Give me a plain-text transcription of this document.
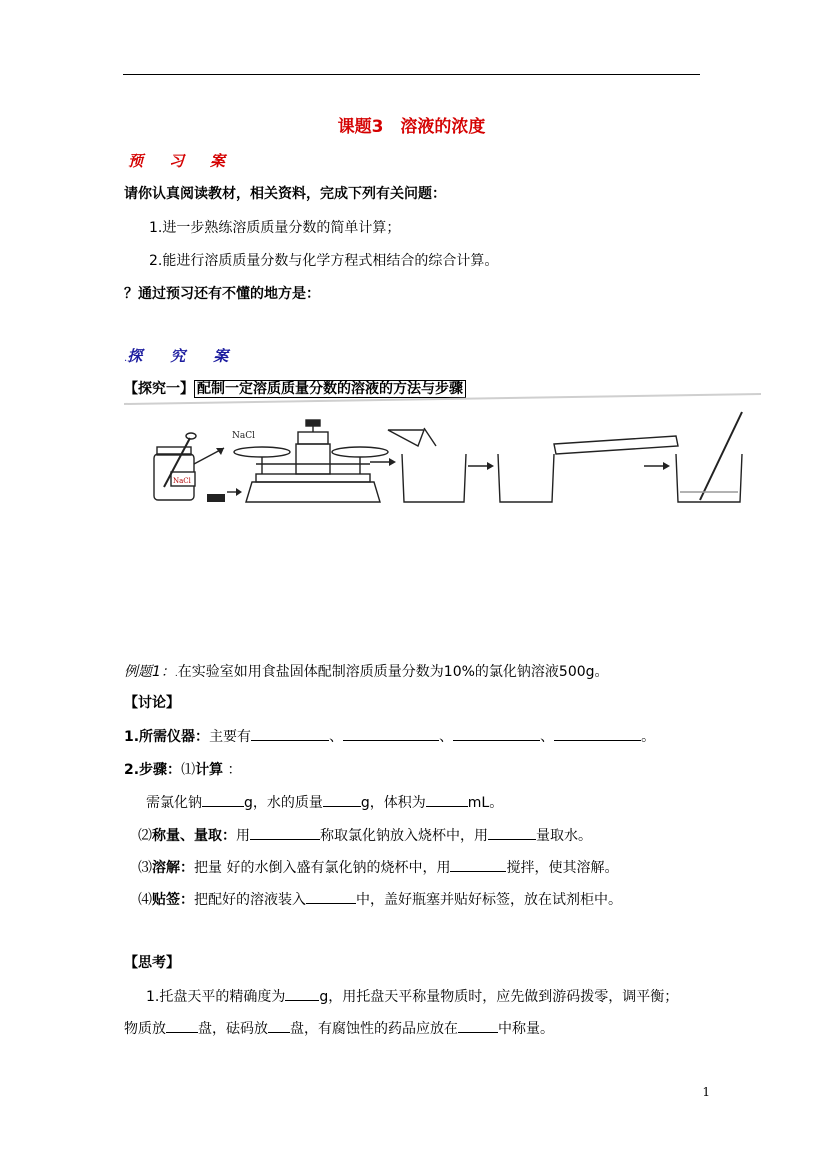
课题3　溶液的浓度
预习案
请你认真阅读教材，相关资料，完成下列有关问题：
1.进一步熟练溶质质量分数的简单计算；
2.能进行溶质质量分数与化学方程式相结合的综合计算。
？通过预习还有不懂的地方是：
.探究案
【探究一】 配制一定溶质质量分数的溶液的方法与步骤
NaCl
NaCl
例题1：.在实验室如用食盐固体配制溶质质量分数为10%的氯化钠溶液500g。
【讨论】
1.所需仪器：主要有	、	、	、	。
2.步骤：⑴计算 ：
需氯化钠	g，水的质量	g，体积为	mL。
⑵称量、量取：用	称取氯化钠放入烧杯中，用	量取水。
⑶溶解：把量 好的水倒入盛有氯化钠的烧杯中，用	搅拌，使其溶解。
⑷贴签：把配好的溶液装入	中，盖好瓶塞并贴好标签，放在试剂柜中。
【思考】
1.托盘天平的精确度为 g，用托盘天平称量物质时，应先做到游码拨零，调平衡；
物质放 盘，砝码放 盘，有腐蚀性的药品应放在	中称量。
1
